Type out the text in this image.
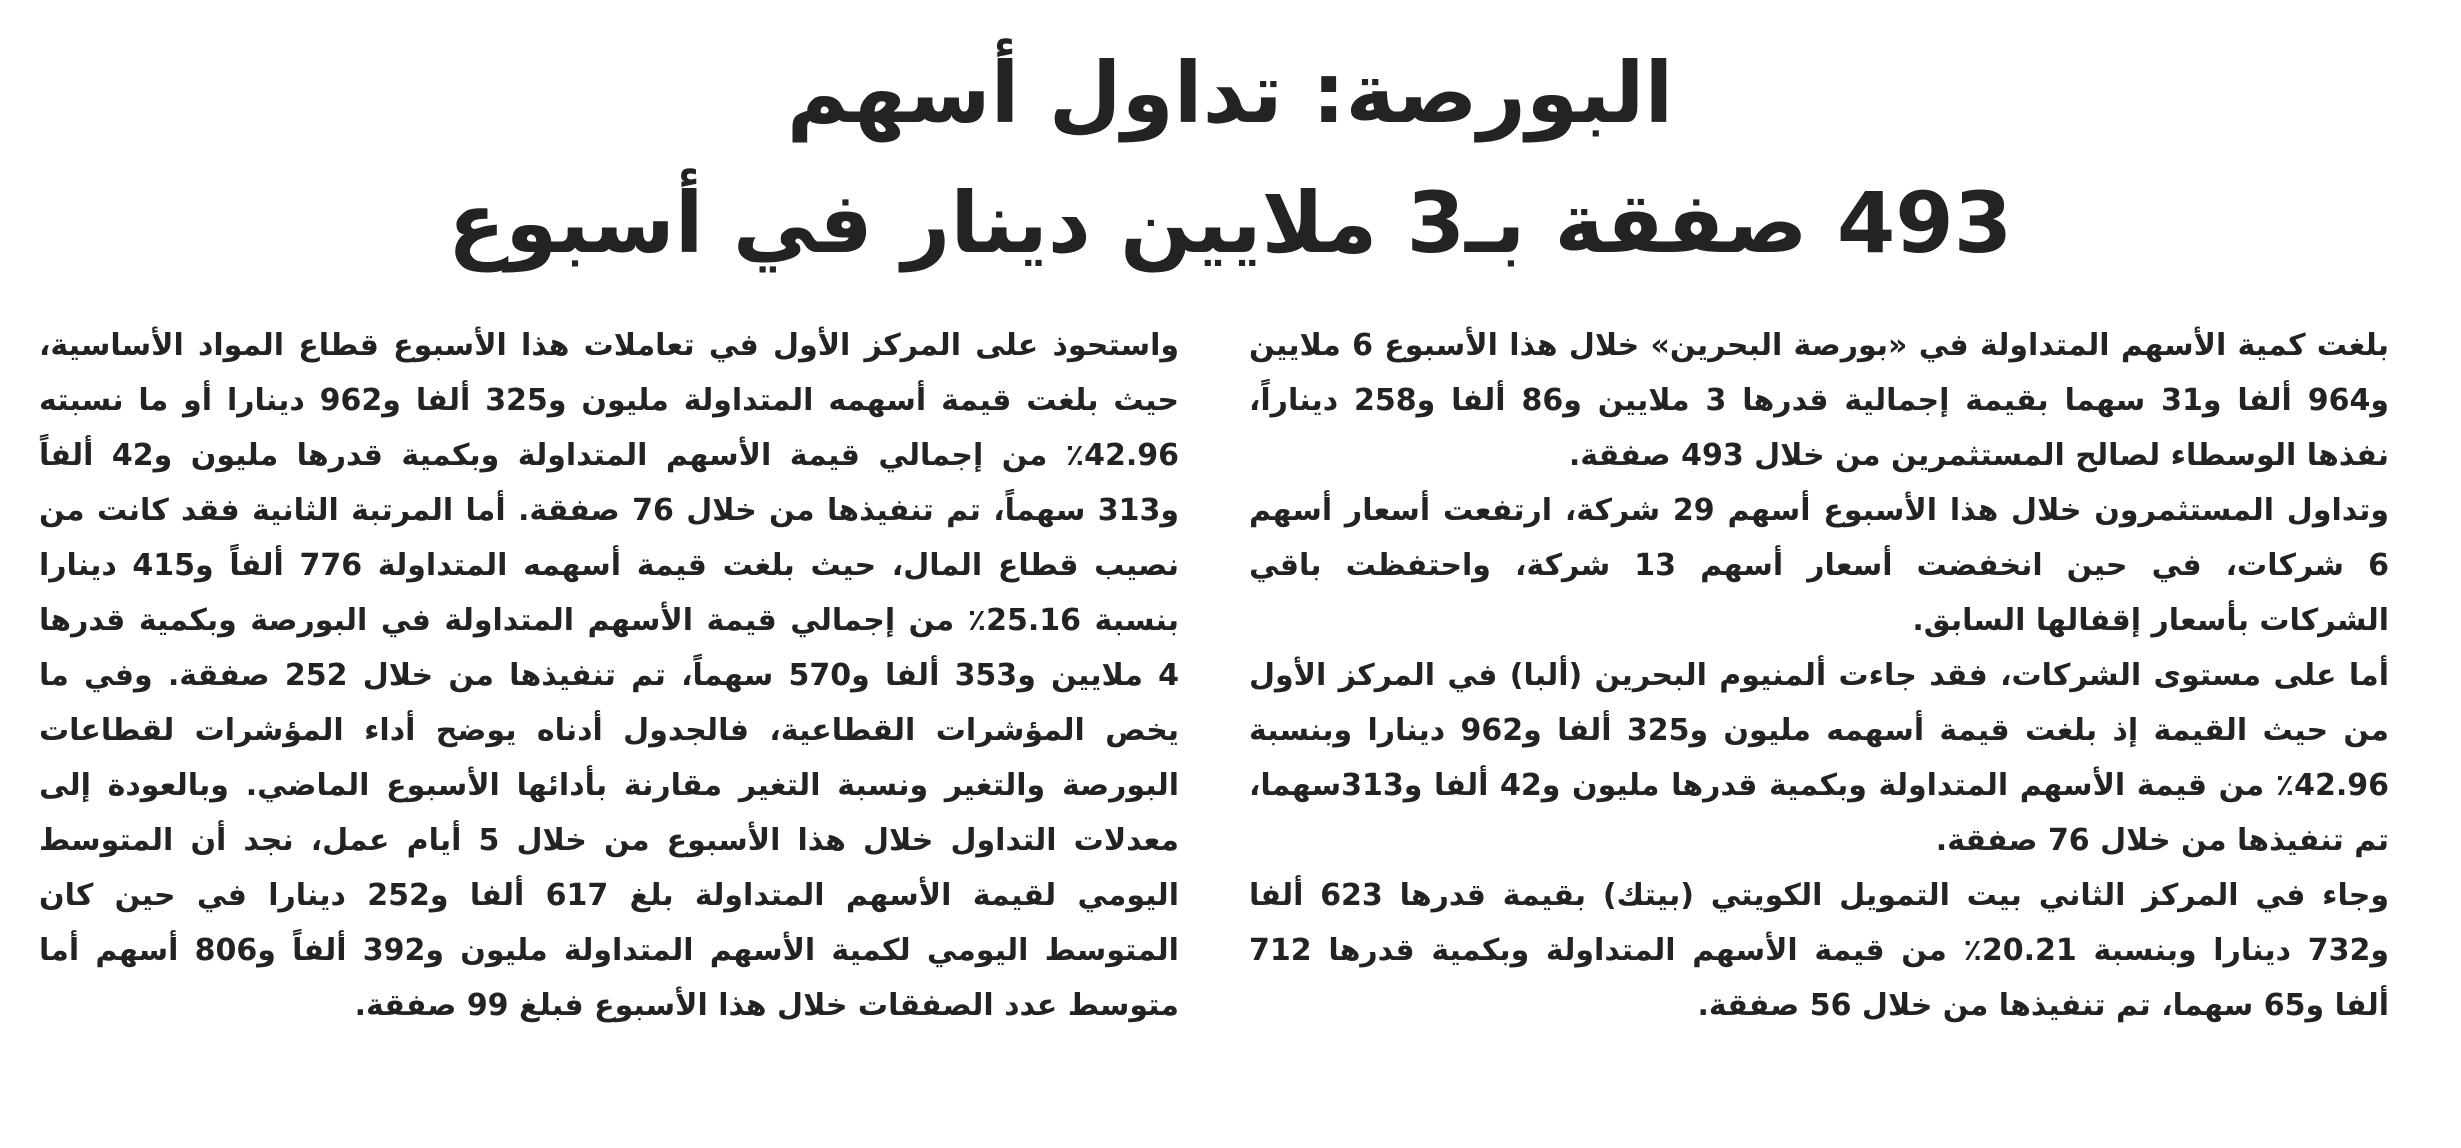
البورصة: تداول أسهم
493 صفقة بـ3 ملايين دينار في أسبوع

بلغت كمية الأسهم المتداولة في «بورصة البحرين» خلال هذا الأسبوع 6 ملايين و964 ألفا و31 سهما بقيمة إجمالية قدرها 3 ملايين و86 ألفا و258 ديناراً، نفذها الوسطاء لصالح المستثمرين من خلال 493 صفقة.

وتداول المستثمرون خلال هذا الأسبوع أسهم 29 شركة، ارتفعت أسعار أسهم 6 شركات، في حين انخفضت أسعار أسهم 13 شركة، واحتفظت باقي الشركات بأسعار إقفالها السابق.

أما على مستوى الشركات، فقد جاءت ألمنيوم البحرين (ألبا) في المركز الأول من حيث القيمة إذ بلغت قيمة أسهمه مليون و325 ألفا و962 دينارا وبنسبة 42.96٪ من قيمة الأسهم المتداولة وبكمية قدرها مليون و42 ألفا و313سهما، تم تنفيذها من خلال 76 صفقة.

وجاء في المركز الثاني بيت التمويل الكويتي (بيتك) بقيمة قدرها 623 ألفا و732 دينارا وبنسبة 20.21٪ من قيمة الأسهم المتداولة وبكمية قدرها 712 ألفا و65 سهما، تم تنفيذها من خلال 56 صفقة.

واستحوذ على المركز الأول في تعاملات هذا الأسبوع قطاع المواد الأساسية، حيث بلغت قيمة أسهمه المتداولة مليون و325 ألفا و962 دينارا أو ما نسبته 42.96٪ من إجمالي قيمة الأسهم المتداولة وبكمية قدرها مليون و42 ألفاً و313 سهماً، تم تنفيذها من خلال 76 صفقة. أما المرتبة الثانية فقد كانت من نصيب قطاع المال، حيث بلغت قيمة أسهمه المتداولة 776 ألفاً و415 دينارا بنسبة 25.16٪ من إجمالي قيمة الأسهم المتداولة في البورصة وبكمية قدرها 4 ملايين و353 ألفا و570 سهماً، تم تنفيذها من خلال 252 صفقة. وفي ما يخص المؤشرات القطاعية، فالجدول أدناه يوضح أداء المؤشرات لقطاعات البورصة والتغير ونسبة التغير مقارنة بأدائها الأسبوع الماضي. وبالعودة إلى معدلات التداول خلال هذا الأسبوع من خلال 5 أيام عمل، نجد أن المتوسط اليومي لقيمة الأسهم المتداولة بلغ 617 ألفا و252 دينارا في حين كان المتوسط اليومي لكمية الأسهم المتداولة مليون و392 ألفاً و806 أسهم أما متوسط عدد الصفقات خلال هذا الأسبوع فبلغ 99 صفقة.
